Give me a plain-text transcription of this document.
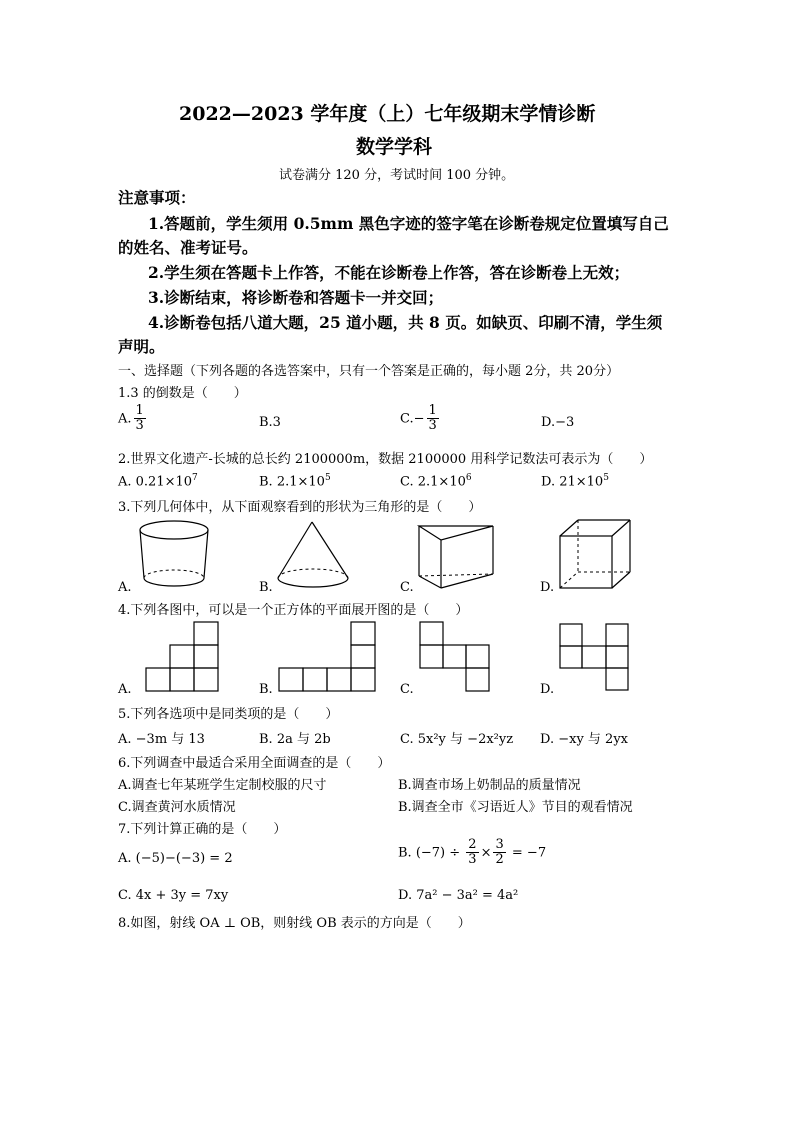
2022—2023 学年度（上）七年级期末学情诊断
数学学科
试卷满分 120 分，考试时间 100 分钟。
注意事项：
1.答题前，学生须用 0.5mm 黑色字迹的签字笔在诊断卷规定位置填写自己
的姓名、准考证号。
2.学生须在答题卡上作答，不能在诊断卷上作答，答在诊断卷上无效；
3.诊断结束，将诊断卷和答题卡一并交回；
4.诊断卷包括八道大题，25 道小题，共 8 页。如缺页、印刷不清，学生须
声明。
一、选择题（下列各题的各选答案中，只有一个答案是正确的，每小题 2分，共 20分）
1.3 的倒数是（　　）
A. $\frac{1}{3}$	B.3	$C.- \frac{1}{3}$	D.−3
2.世界文化遗产-长城的总长约 2100000m，数据 2100000 用科学记数法可表示为（　　）
A. $0.21\times 10^7$	B. $2.1\times 10^5$	C. $2.1\times 10^6$	D. $21\times 10^5$
3.下列几何体中，从下面观察看到的形状为三角形的是（　　）
A.	B.	C.	D.
4.下列各图中，可以是一个正方体的平面展开图的是（　　）
A.	B.	C.	D.
5.下列各选项中是同类项的是（　　）
A. −3m 与 13	B. 2a 与 2b	C. 5x²y 与 −2x²yz D. −xy 与 2yx
6.下列调查中最适合采用全面调查的是（　　）
A.调查七年某班学生定制校服的尺寸	B.调查市场上奶制品的质量情况
C.调查黄河水质情况	B.调查全市《习语近人》节目的观看情况
7.下列计算正确的是（　　）
A. (−5)−(−3) = 2	B. $(-7) \div \frac{2}{3} \times \frac{3}{2} = -7$
C. 4x + 3y = 7xy	D. 7a² − 3a² = 4a²
8.如图，射线 OA ⊥ OB，则射线 OB 表示的方向是（　　）
